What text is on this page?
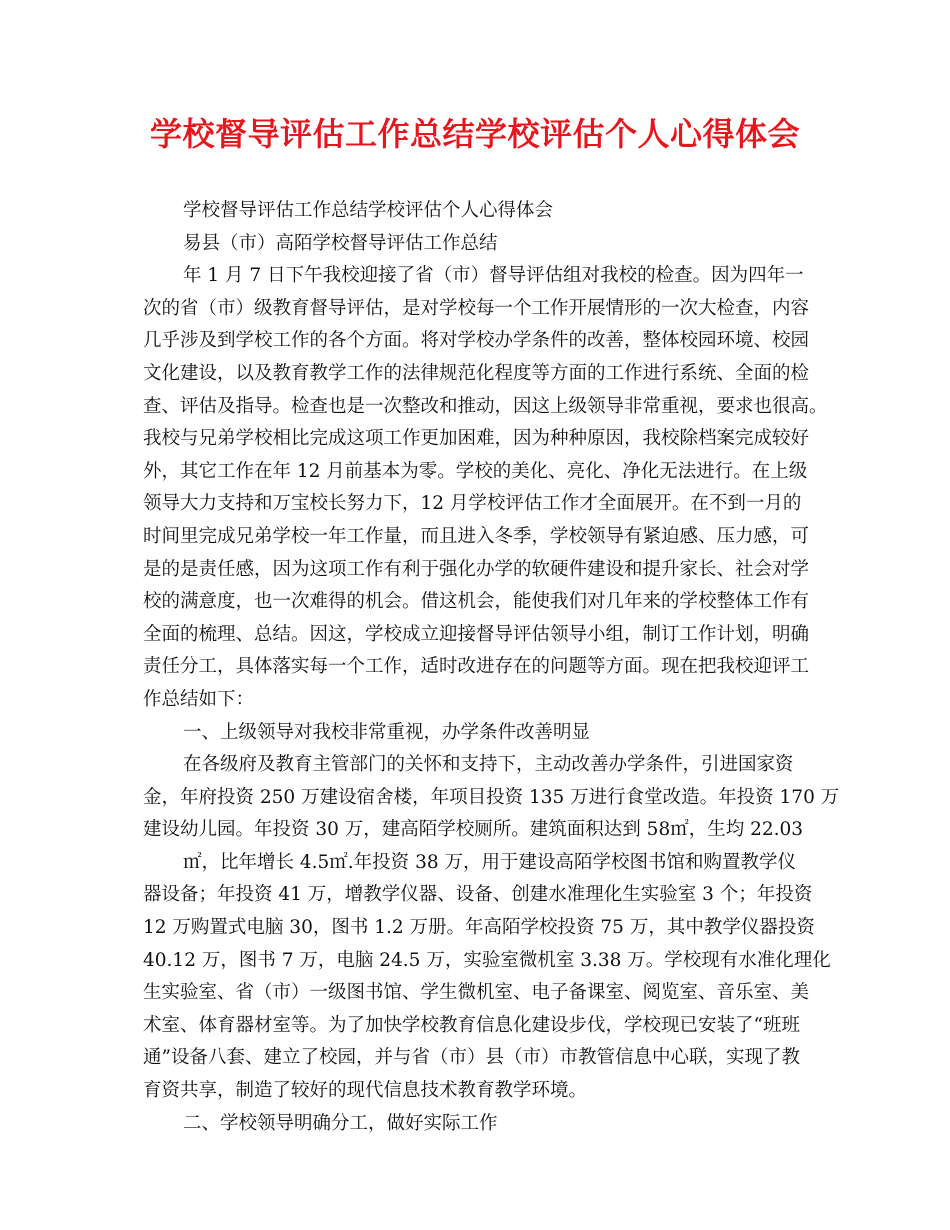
学校督导评估工作总结学校评估个人心得体会
学校督导评估工作总结学校评估个人心得体会
易县（市）高陌学校督导评估工作总结
年 1 月 7 日下午我校迎接了省（市）督导评估组对我校的检查。因为四年一
次的省（市）级教育督导评估，是对学校每一个工作开展情形的一次大检查，内容
几乎涉及到学校工作的各个方面。将对学校办学条件的改善，整体校园环境、校园
文化建设，以及教育教学工作的法律规范化程度等方面的工作进行系统、全面的检
查、评估及指导。检查也是一次整改和推动，因这上级领导非常重视，要求也很高。
我校与兄弟学校相比完成这项工作更加困难，因为种种原因，我校除档案完成较好
外，其它工作在年 12 月前基本为零。学校的美化、亮化、净化无法进行。在上级
领导大力支持和万宝校长努力下，12 月学校评估工作才全面展开。在不到一月的
时间里完成兄弟学校一年工作量，而且进入冬季，学校领导有紧迫感、压力感，可
是的是责任感，因为这项工作有利于强化办学的软硬件建设和提升家长、社会对学
校的满意度，也一次难得的机会。借这机会，能使我们对几年来的学校整体工作有
全面的梳理、总结。因这，学校成立迎接督导评估领导小组，制订工作计划，明确
责任分工，具体落实每一个工作，适时改进存在的问题等方面。现在把我校迎评工
作总结如下：
一、上级领导对我校非常重视，办学条件改善明显
在各级府及教育主管部门的关怀和支持下，主动改善办学条件，引进国家资
金，年府投资 250 万建设宿舍楼，年项目投资 135 万进行食堂改造。年投资 170 万
建设幼儿园。年投资 30 万，建高陌学校厕所。建筑面积达到 58㎡，生均 22.03
㎡，比年增长 4.5㎡.年投资 38 万，用于建设高陌学校图书馆和购置教学仪
器设备；年投资 41 万，增教学仪器、设备、创建水准理化生实验室 3 个；年投资
12 万购置式电脑 30，图书 1.2 万册。年高陌学校投资 75 万，其中教学仪器投资
40.12 万，图书 7 万，电脑 24.5 万，实验室微机室 3.38 万。学校现有水准化理化
生实验室、省（市）一级图书馆、学生微机室、电子备课室、阅览室、音乐室、美
术室、体育器材室等。为了加快学校教育信息化建设步伐，学校现已安装了“班班
通”设备八套、建立了校园，并与省（市）县（市）市教管信息中心联，实现了教
育资共享，制造了较好的现代信息技术教育教学环境。
二、学校领导明确分工，做好实际工作
